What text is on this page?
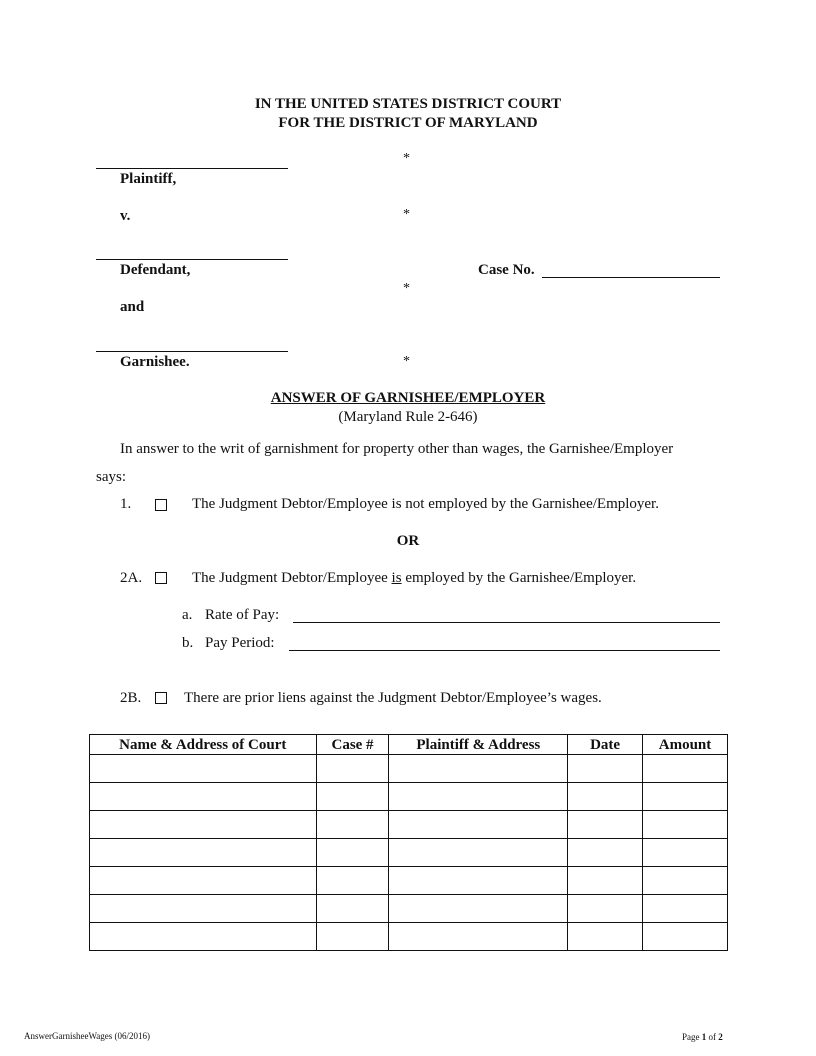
IN THE UNITED STATES DISTRICT COURT
FOR THE DISTRICT OF MARYLAND
*
Plaintiff,
v.	*
Defendant,	Case No.
*
and
Garnishee.	*
ANSWER OF GARNISHEE/EMPLOYER
(Maryland Rule 2-646)
In answer to the writ of garnishment for property other than wages, the Garnishee/Employer
says:
1.	The Judgment Debtor/Employee is not employed by the Garnishee/Employer.
OR
2A.	The Judgment Debtor/Employee is employed by the Garnishee/Employer.
a. Rate of Pay:
b. Pay Period:
2B.	There are prior liens against the Judgment Debtor/Employee’s wages.
Name & Address of Court	Case #	Plaintiff & Address	Date	Amount

AnswerGarnisheeWages (06/2016)	Page 1 of 2
